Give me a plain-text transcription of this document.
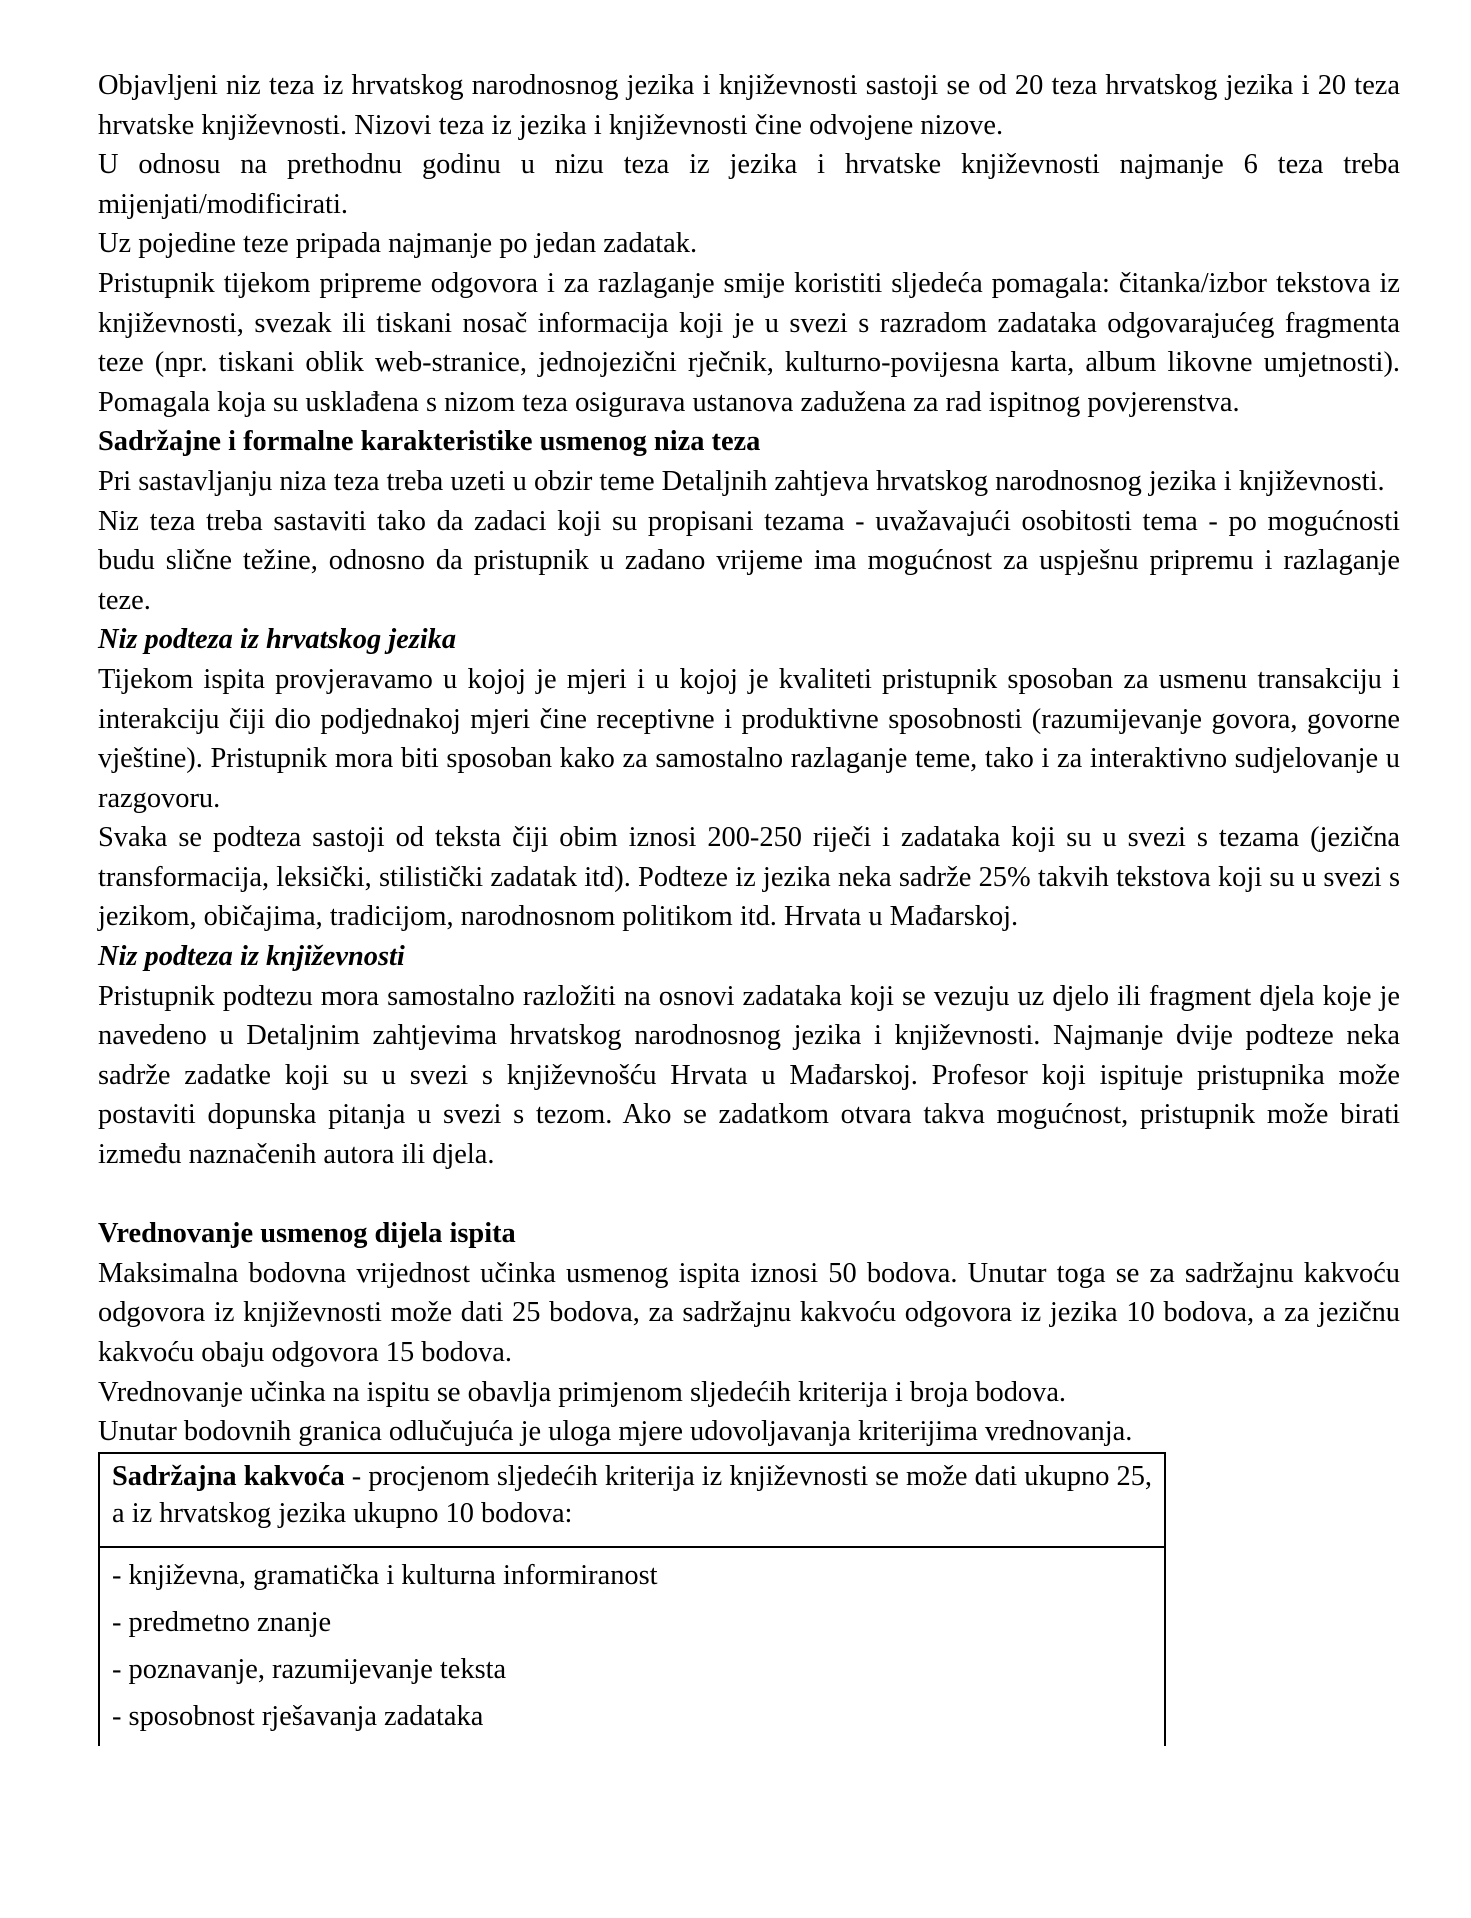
Objavljeni niz teza iz hrvatskog narodnosnog jezika i književnosti sastoji se od 20 teza hrvatskog jezika i 20 teza hrvatske književnosti. Nizovi teza iz jezika i književnosti čine odvojene nizove.

U odnosu na prethodnu godinu u nizu teza iz jezika i hrvatske književnosti najmanje 6 teza treba mijenjati/modificirati.

Uz pojedine teze pripada najmanje po jedan zadatak.

Pristupnik tijekom pripreme odgovora i za razlaganje smije koristiti sljedeća pomagala: čitanka/izbor tekstova iz književnosti, svezak ili tiskani nosač informacija koji je u svezi s razradom zadataka odgovarajućeg fragmenta teze (npr. tiskani oblik web-stranice, jednojezični rječnik, kulturno-povijesna karta, album likovne umjetnosti). Pomagala koja su usklađena s nizom teza osigurava ustanova zadužena za rad ispitnog povjerenstva.

Sadržajne i formalne karakteristike usmenog niza teza

Pri sastavljanju niza teza treba uzeti u obzir teme Detaljnih zahtjeva hrvatskog narodnosnog jezika i književnosti.

Niz teza treba sastaviti tako da zadaci koji su propisani tezama - uvažavajući osobitosti tema - po mogućnosti budu slične težine, odnosno da pristupnik u zadano vrijeme ima mogućnost za uspješnu pripremu i razlaganje teze.

Niz podteza iz hrvatskog jezika

Tijekom ispita provjeravamo u kojoj je mjeri i u kojoj je kvaliteti pristupnik sposoban za usmenu transakciju i interakciju čiji dio podjednakoj mjeri čine receptivne i produktivne sposobnosti (razumijevanje govora, govorne vještine). Pristupnik mora biti sposoban kako za samostalno razlaganje teme, tako i za interaktivno sudjelovanje u razgovoru.

Svaka se podteza sastoji od teksta čiji obim iznosi 200-250 riječi i zadataka koji su u svezi s tezama (jezična transformacija, leksički, stilistički zadatak itd). Podteze iz jezika neka sadrže 25% takvih tekstova koji su u svezi s jezikom, običajima, tradicijom, narodnosnom politikom itd. Hrvata u Mađarskoj.

Niz podteza iz književnosti

Pristupnik podtezu mora samostalno razložiti na osnovi zadataka koji se vezuju uz djelo ili fragment djela koje je navedeno u Detaljnim zahtjevima hrvatskog narodnosnog jezika i književnosti. Najmanje dvije podteze neka sadrže zadatke koji su u svezi s književnošću Hrvata u Mađarskoj. Profesor koji ispituje pristupnika može postaviti dopunska pitanja u svezi s tezom. Ako se zadatkom otvara takva mogućnost, pristupnik može birati između naznačenih autora ili djela.

Vrednovanje usmenog dijela ispita

Maksimalna bodovna vrijednost učinka usmenog ispita iznosi 50 bodova. Unutar toga se za sadržajnu kakvoću odgovora iz književnosti može dati 25 bodova, za sadržajnu kakvoću odgovora iz jezika 10 bodova, a za jezičnu kakvoću obaju odgovora 15 bodova.

Vrednovanje učinka na ispitu se obavlja primjenom sljedećih kriterija i broja bodova.

Unutar bodovnih granica odlučujuća je uloga mjere udovoljavanja kriterijima vrednovanja.

Sadržajna kakvoća - procjenom sljedećih kriterija iz književnosti se može dati ukupno 25, a iz hrvatskog jezika ukupno 10 bodova:

- književna, gramatička i kulturna informiranost
- predmetno znanje
- poznavanje, razumijevanje teksta
- sposobnost rješavanja zadataka
